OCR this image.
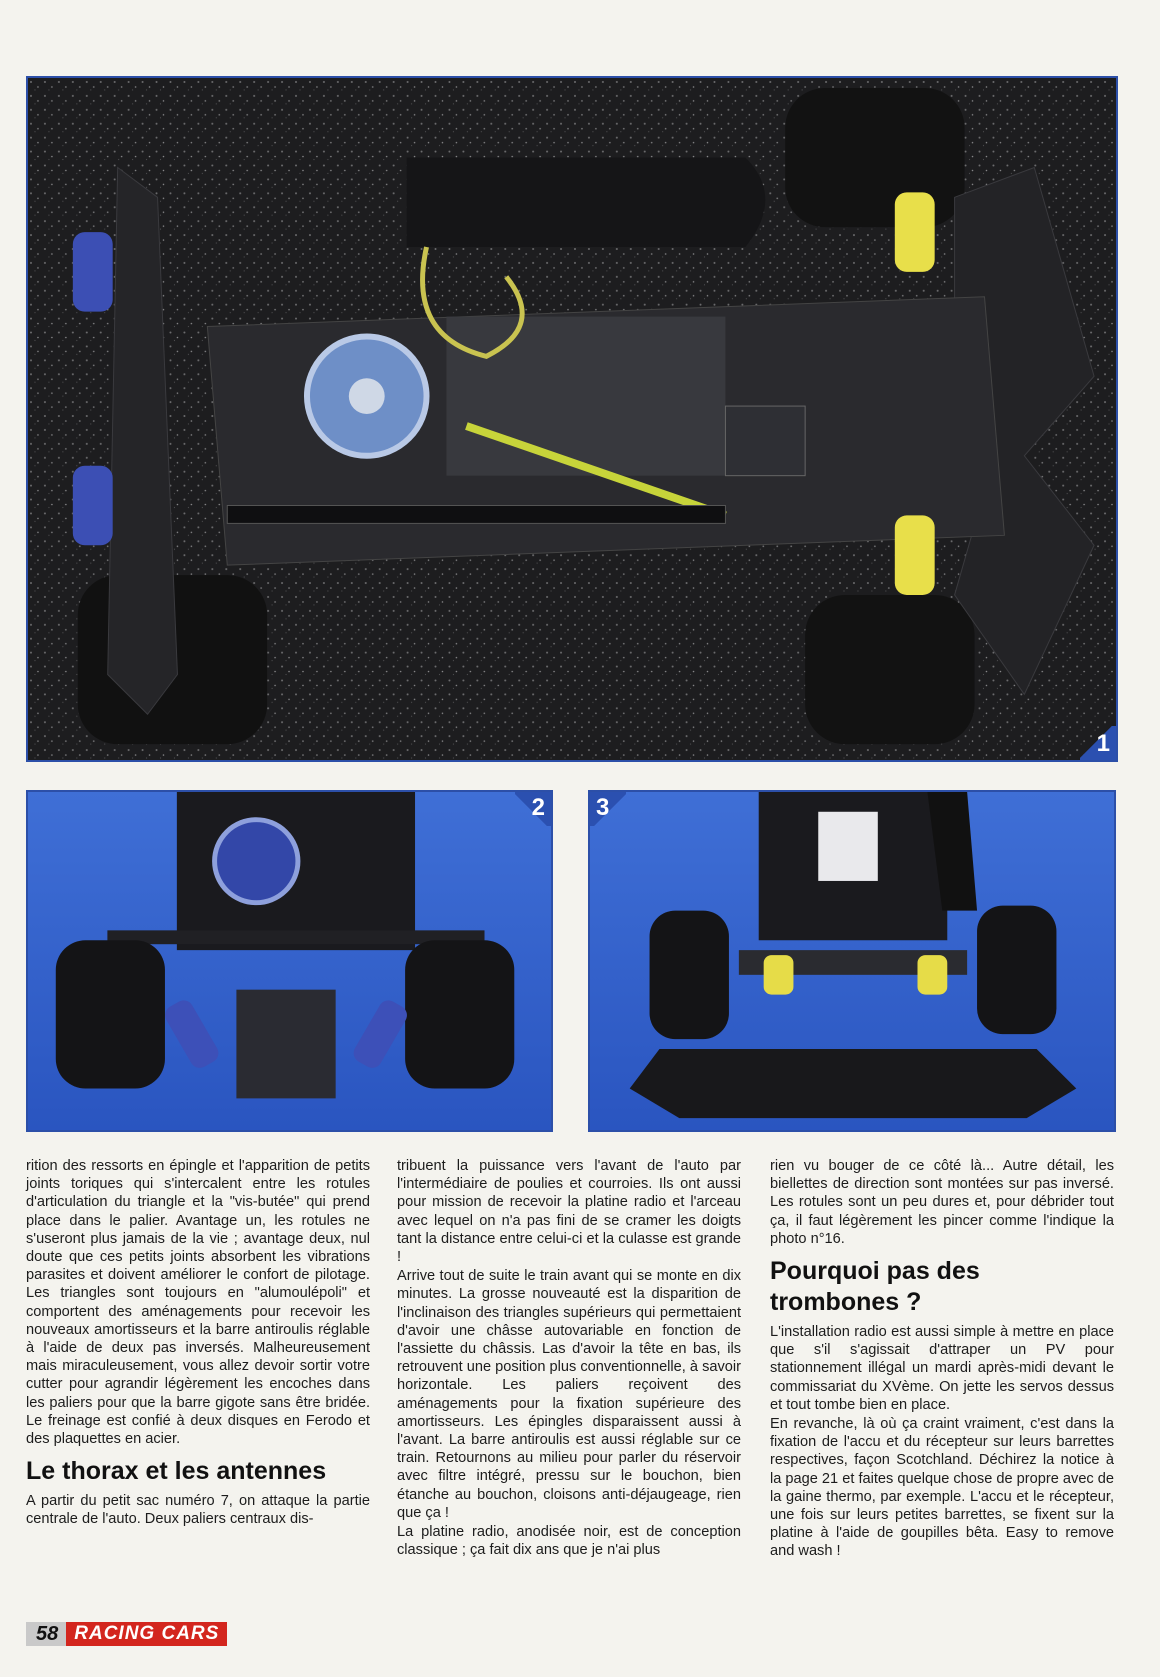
1
2 3

rition des ressorts en épingle et l'apparition de petits joints toriques qui s'intercalent entre les rotules d'articulation du triangle et la "vis-butée" qui prend place dans le palier. Avantage un, les rotules ne s'useront plus jamais de la vie ; avantage deux, nul doute que ces petits joints absorbent les vibrations parasites et doivent améliorer le confort de pilotage. Les triangles sont toujours en "alumoulépoli" et comportent des aménagements pour recevoir les nouveaux amortisseurs et la barre antiroulis réglable à l'aide de deux pas inversés. Malheureusement mais miraculeusement, vous allez devoir sortir votre cutter pour agrandir légèrement les encoches dans les paliers pour que la barre gigote sans être bridée. Le freinage est confié à deux disques en Ferodo et des plaquettes en acier.

Le thorax et les antennes

A partir du petit sac numéro 7, on attaque la partie centrale de l'auto. Deux paliers centraux dis-

tribuent la puissance vers l'avant de l'auto par l'intermédiaire de poulies et courroies. Ils ont aussi pour mission de recevoir la platine radio et l'arceau avec lequel on n'a pas fini de se cramer les doigts tant la distance entre celui-ci et la culasse est grande !

Arrive tout de suite le train avant qui se monte en dix minutes. La grosse nouveauté est la disparition de l'inclinaison des triangles supérieurs qui permettaient d'avoir une châsse autovariable en fonction de l'assiette du châssis. Las d'avoir la tête en bas, ils retrouvent une position plus conventionnelle, à savoir horizontale. Les paliers reçoivent des aménagements pour la fixation supérieure des amortisseurs. Les épingles disparaissent aussi à l'avant. La barre antiroulis est aussi réglable sur ce train. Retournons au milieu pour parler du réservoir avec filtre intégré, pressu sur le bouchon, bien étanche au bouchon, cloisons anti-déjaugeage, rien que ça !

La platine radio, anodisée noir, est de conception classique ; ça fait dix ans que je n'ai plus

rien vu bouger de ce côté là... Autre détail, les biellettes de direction sont montées sur pas inversé. Les rotules sont un peu dures et, pour débrider tout ça, il faut légèrement les pincer comme l'indique la photo n°16.

Pourquoi pas des trombones ?

L'installation radio est aussi simple à mettre en place que s'il s'agissait d'attraper un PV pour stationnement illégal un mardi après-midi devant le commissariat du XVème. On jette les servos dessus et tout tombe bien en place.

En revanche, là où ça craint vraiment, c'est dans la fixation de l'accu et du récepteur sur leurs barrettes respectives, façon Scotchland. Déchirez la notice à la page 21 et faites quelque chose de propre avec de la gaine thermo, par exemple. L'accu et le récepteur, une fois sur leurs petites barrettes, se fixent sur la platine à l'aide de goupilles bêta. Easy to remove and wash !

58 RACING CARS
